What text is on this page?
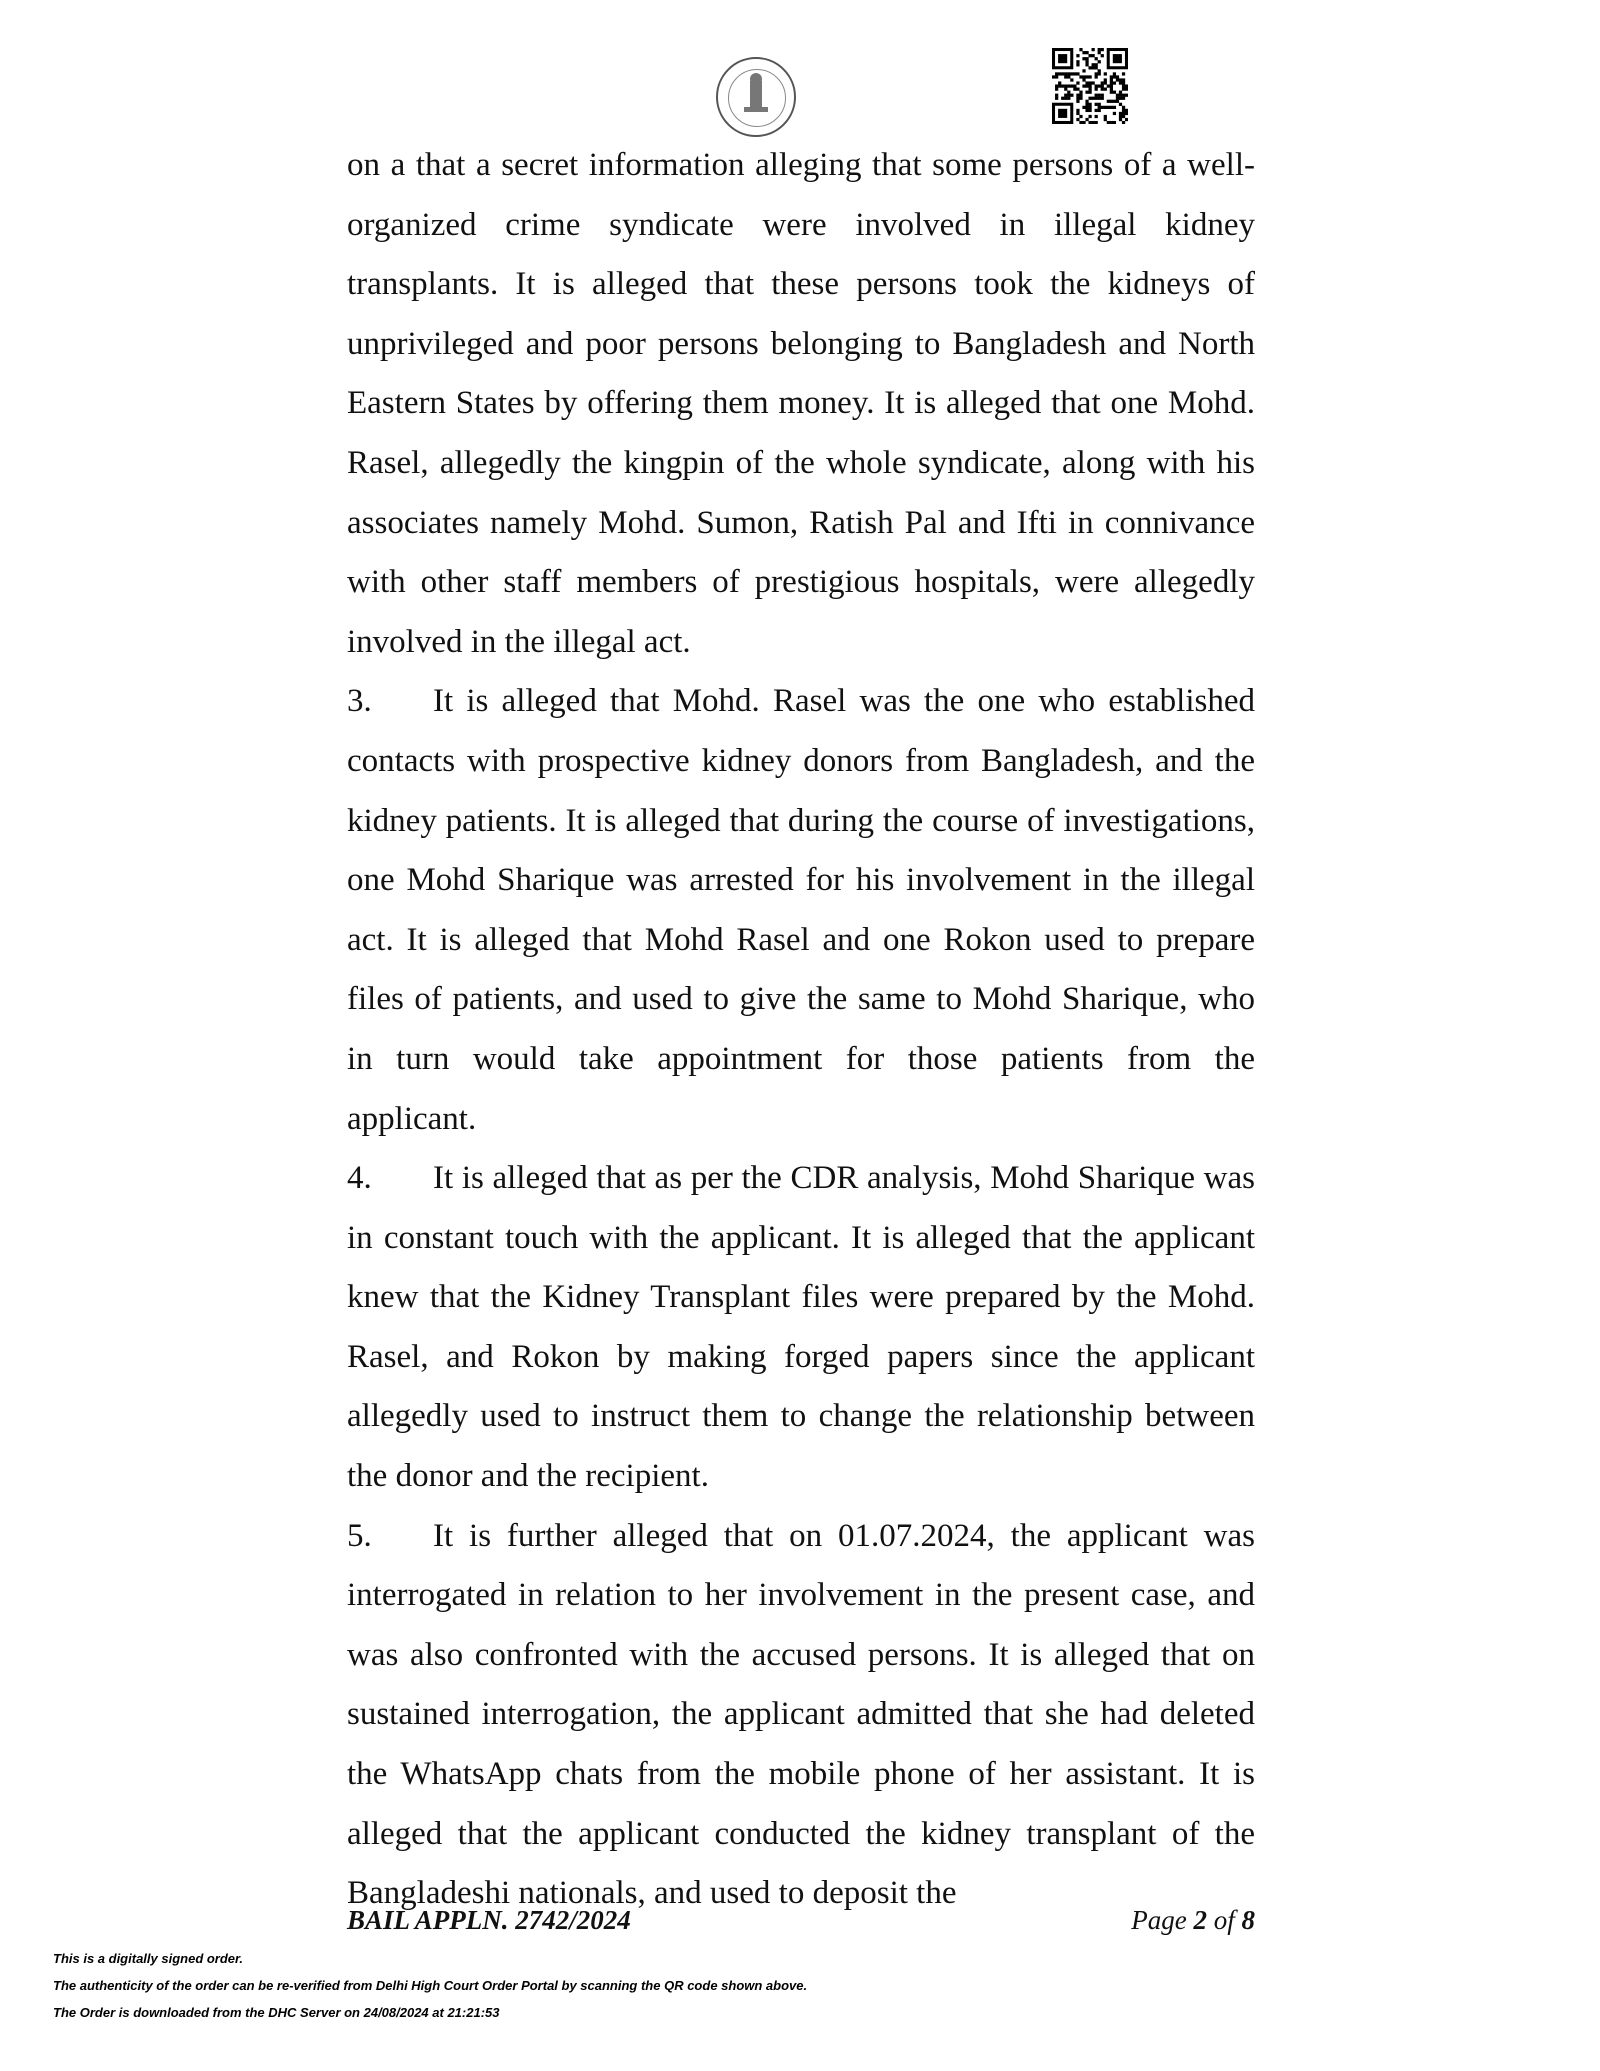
on a that a secret information alleging that some persons of a well-organized crime syndicate were involved in illegal kidney transplants. It is alleged that these persons took the kidneys of unprivileged and poor persons belonging to Bangladesh and North Eastern States by offering them money. It is alleged that one Mohd. Rasel, allegedly the kingpin of the whole syndicate, along with his associates namely Mohd. Sumon, Ratish Pal and Ifti in connivance with other staff members of prestigious hospitals, were allegedly involved in the illegal act.

3. It is alleged that Mohd. Rasel was the one who established contacts with prospective kidney donors from Bangladesh, and the kidney patients. It is alleged that during the course of investigations, one Mohd Sharique was arrested for his involvement in the illegal act. It is alleged that Mohd Rasel and one Rokon used to prepare files of patients, and used to give the same to Mohd Sharique, who in turn would take appointment for those patients from the applicant.

4. It is alleged that as per the CDR analysis, Mohd Sharique was in constant touch with the applicant. It is alleged that the applicant knew that the Kidney Transplant files were prepared by the Mohd. Rasel, and Rokon by making forged papers since the applicant allegedly used to instruct them to change the relationship between the donor and the recipient.

5. It is further alleged that on 01.07.2024, the applicant was interrogated in relation to her involvement in the present case, and was also confronted with the accused persons. It is alleged that on sustained interrogation, the applicant admitted that she had deleted the WhatsApp chats from the mobile phone of her assistant. It is alleged that the applicant conducted the kidney transplant of the Bangladeshi nationals, and used to deposit the

BAIL APPLN. 2742/2024	Page 2 of 8
This is a digitally signed order.
The authenticity of the order can be re-verified from Delhi High Court Order Portal by scanning the QR code shown above.
The Order is downloaded from the DHC Server on 24/08/2024 at 21:21:53
